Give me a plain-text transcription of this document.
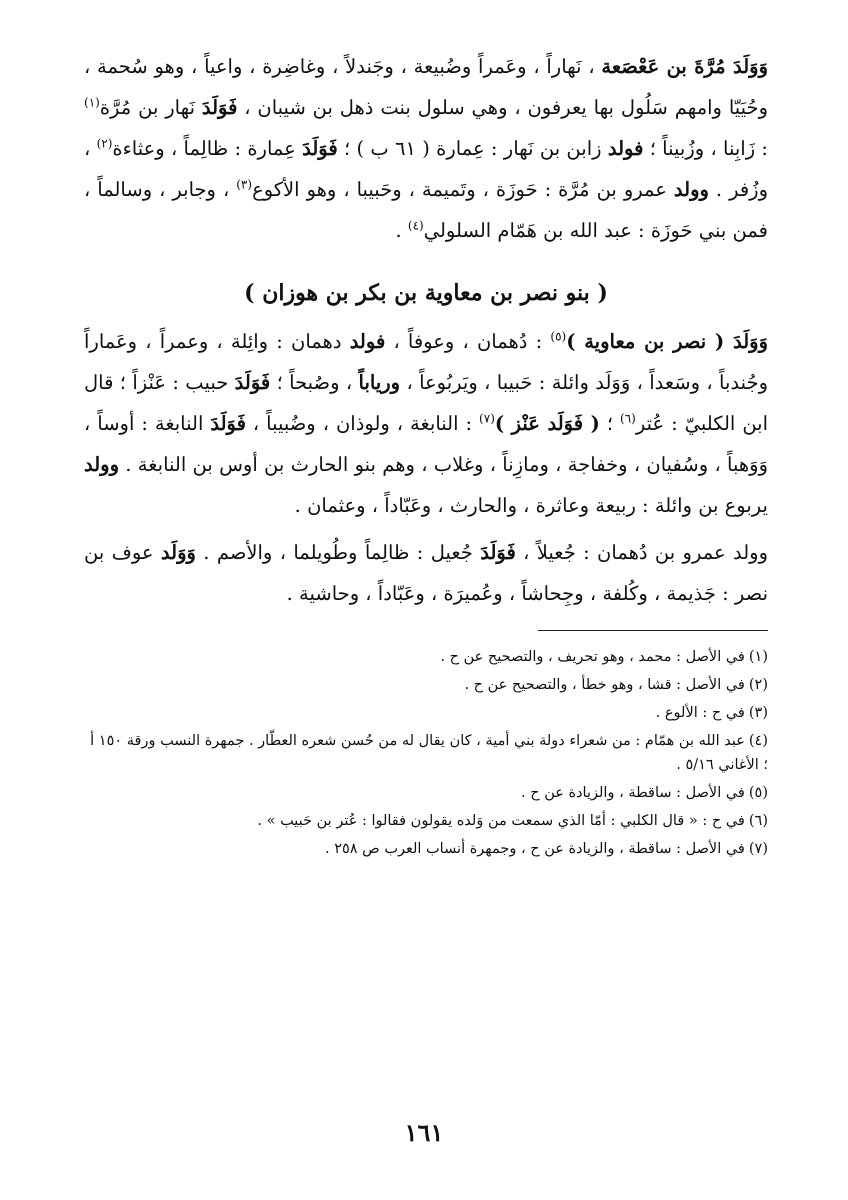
وَوَلَدَ مُرَّةَ بن عَعْصَعة ، نَهاراً ، وعَمراً وضُبيعة ، وجَندلاً ، وغاضِرة ، واعياً ، وهو سُحمة ، وحُيَيّا وامهم سَلُول بها يعرفون ، وهي سلول بنت ذهل بن شيبان ، فَوَلَدَ نَهار بن مُرَّة$^{(١)}$ : زَابِنا ، وزُبيناً ؛ فولد زابن بن نَهار : عِمارة ( ٦١ ب ) ؛ فَوَلَدَ عِمارة : ظالِماً ، وعثاءة$^{(٢)}$ ، وزُفر . وولد عمرو بن مُرَّة : حَوزَة ، وتَميمة ، وحَبيبا ، وهو الأكوع$^{(٣)}$ ، وجابر ، وسالماً ، فمن بني حَوزَة : عبد الله بن هَمّام السلولي$^{(٤)}$ .

( بنو نصر بن معاوية بن بكر بن هوزان )

وَوَلَدَ ( نصر بن معاوية )$^{(٥)}$ : دُهمان ، وعوفاً ، فولد دهمان : وائِلة ، وعمراً ، وعَماراً وجُندباً ، وسَعداً ، وَوَلَد وائلة : حَبيبا ، ويَربُوعاً ، ورياباً ، وصُبحاً ؛ فَوَلَدَ حبيب : عَنْزاً ؛ قال ابن الكلبيّ : عُتر$^{(٦)}$ ؛ ( فَوَلَد عَنْز )$^{(٧)}$ : النابغة ، ولوذان ، وضُبيباً ، فَوَلَدَ النابغة : أوساً ، وَوَهباً ، وسُفيان ، وخفاجة ، ومازِناً ، وغلاب ، وهم بنو الحارث بن أوس بن النابغة . وولد يربوع بن وائلة : ربيعة وعاثرة ، والحارث ، وعَبّاداً ، وعثمان .

وولد عمرو بن دُهمان : جُعيلاً ، فَوَلَدَ جُعيل : ظالِماً وطُويلما ، والأصم . وَوَلَد عوف بن نصر : جَذيمة ، وكُلفة ، وجِحاشاً ، وعُميرَة ، وعَبّاداً ، وحاشية .

(١)في الأصل : محمد ، وهو تحريف ، والتصحيح عن ح .

(٢)في الأصل : قشا ، وهو خطأ ، والتصحيح عن ح .

(٣)في ح : الألوع .

(٤)عبد الله بن همّام : من شعراء دولة بني أمية ، كان يقال له من حُسن شعره العطّار . جمهرة النسب ورقة ١٥٠ أ ؛ الأغاني ٥/١٦ .

(٥)في الأصل : ساقطة ، والزيادة عن ح .

(٦)في ح : « قال الكلبي : أمّا الذي سمعت من وَلده يقولون فقالوا : عُتر بن حَبيب » .

(٧)في الأصل : ساقطة ، والزيادة عن ح ، وجمهرة أنساب العرب ص ٢٥٨ .

١٦١
